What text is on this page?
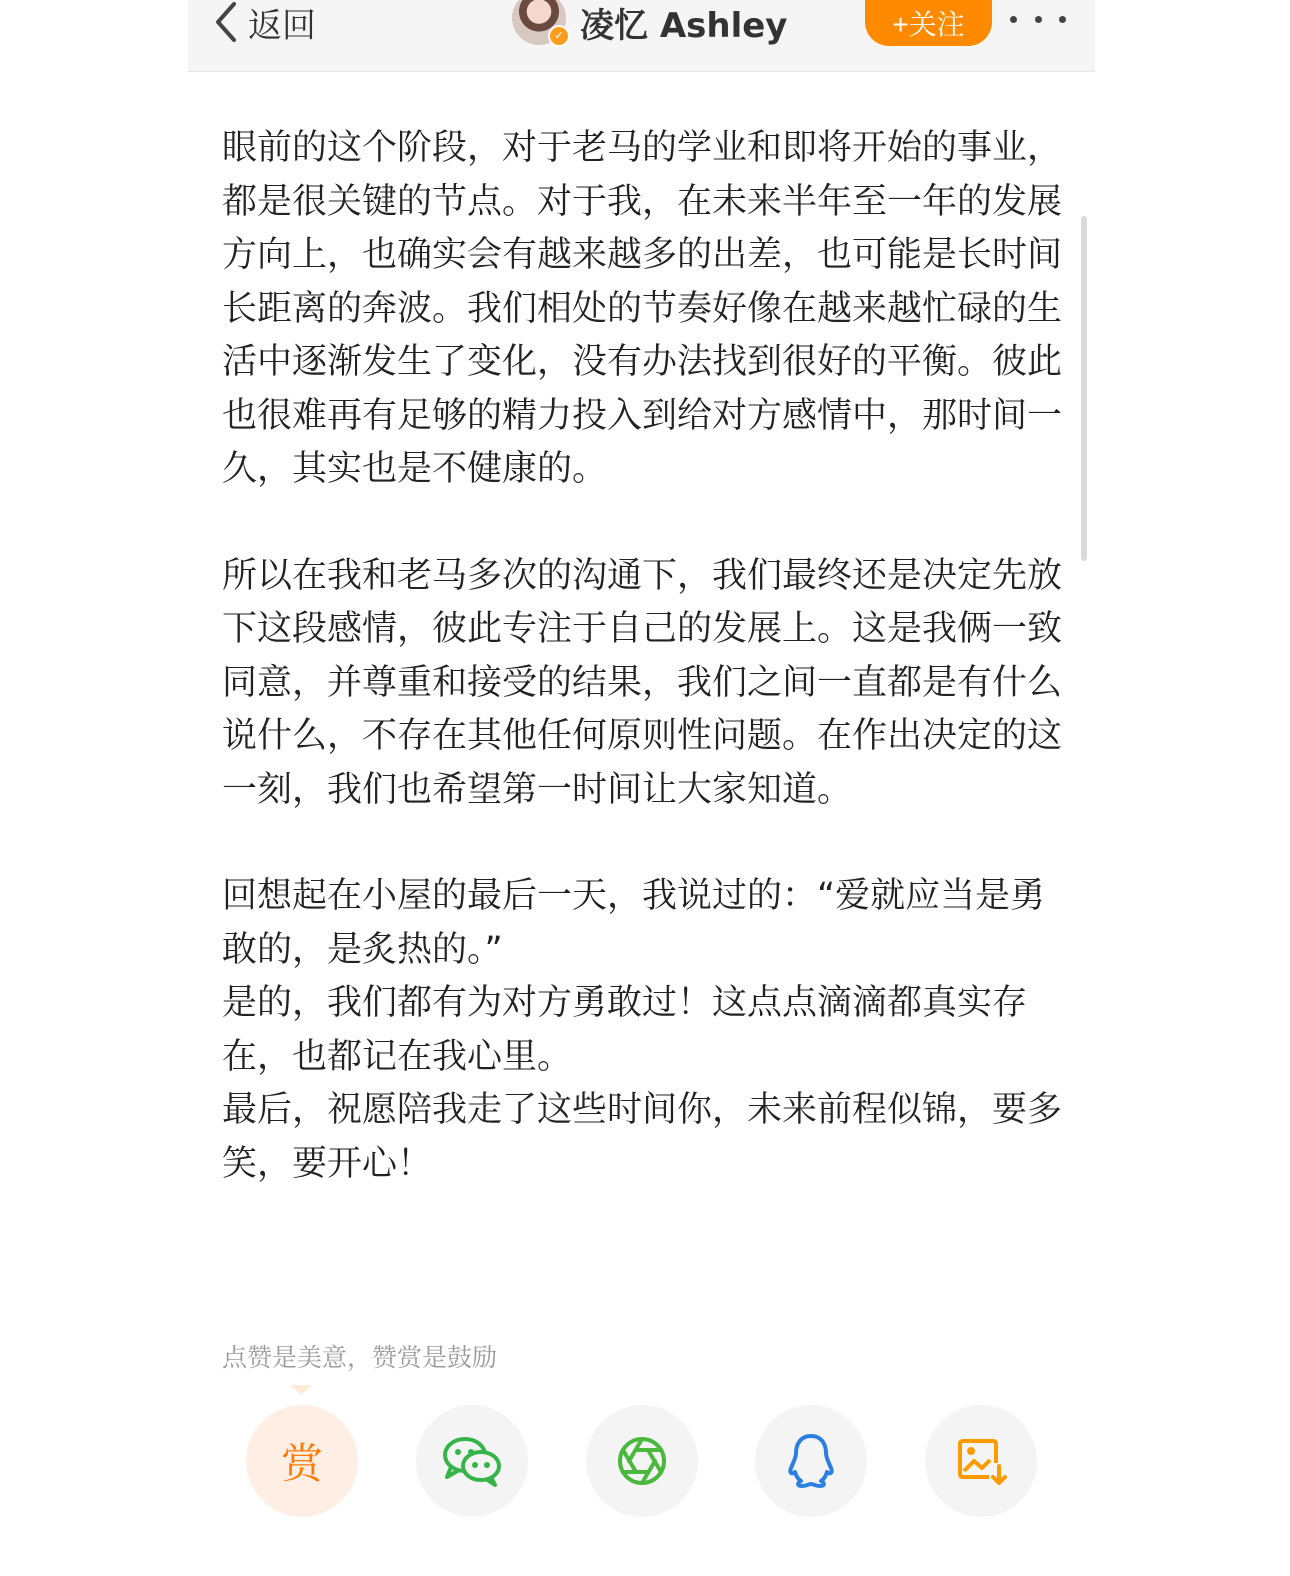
返回	✓ 凌忆 Ashley	+关注

眼前的这个阶段，对于老马的学业和即将开始的事业，都是很关键的节点。对于我，在未来半年至一年的发展方向上，也确实会有越来越多的出差，也可能是长时间长距离的奔波。我们相处的节奏好像在越来越忙碌的生活中逐渐发生了变化，没有办法找到很好的平衡。彼此也很难再有足够的精力投入到给对方感情中，那时间一久，其实也是不健康的。

所以在我和老马多次的沟通下，我们最终还是决定先放下这段感情，彼此专注于自己的发展上。这是我俩一致同意，并尊重和接受的结果，我们之间一直都是有什么说什么，不存在其他任何原则性问题。在作出决定的这一刻，我们也希望第一时间让大家知道。

回想起在小屋的最后一天，我说过的：“爱就应当是勇敢的，是炙热的。”

是的，我们都有为对方勇敢过！这点点滴滴都真实存在，也都记在我心里。

最后，祝愿陪我走了这些时间你，未来前程似锦，要多笑，要开心！

点赞是美意，赞赏是鼓励
赏
